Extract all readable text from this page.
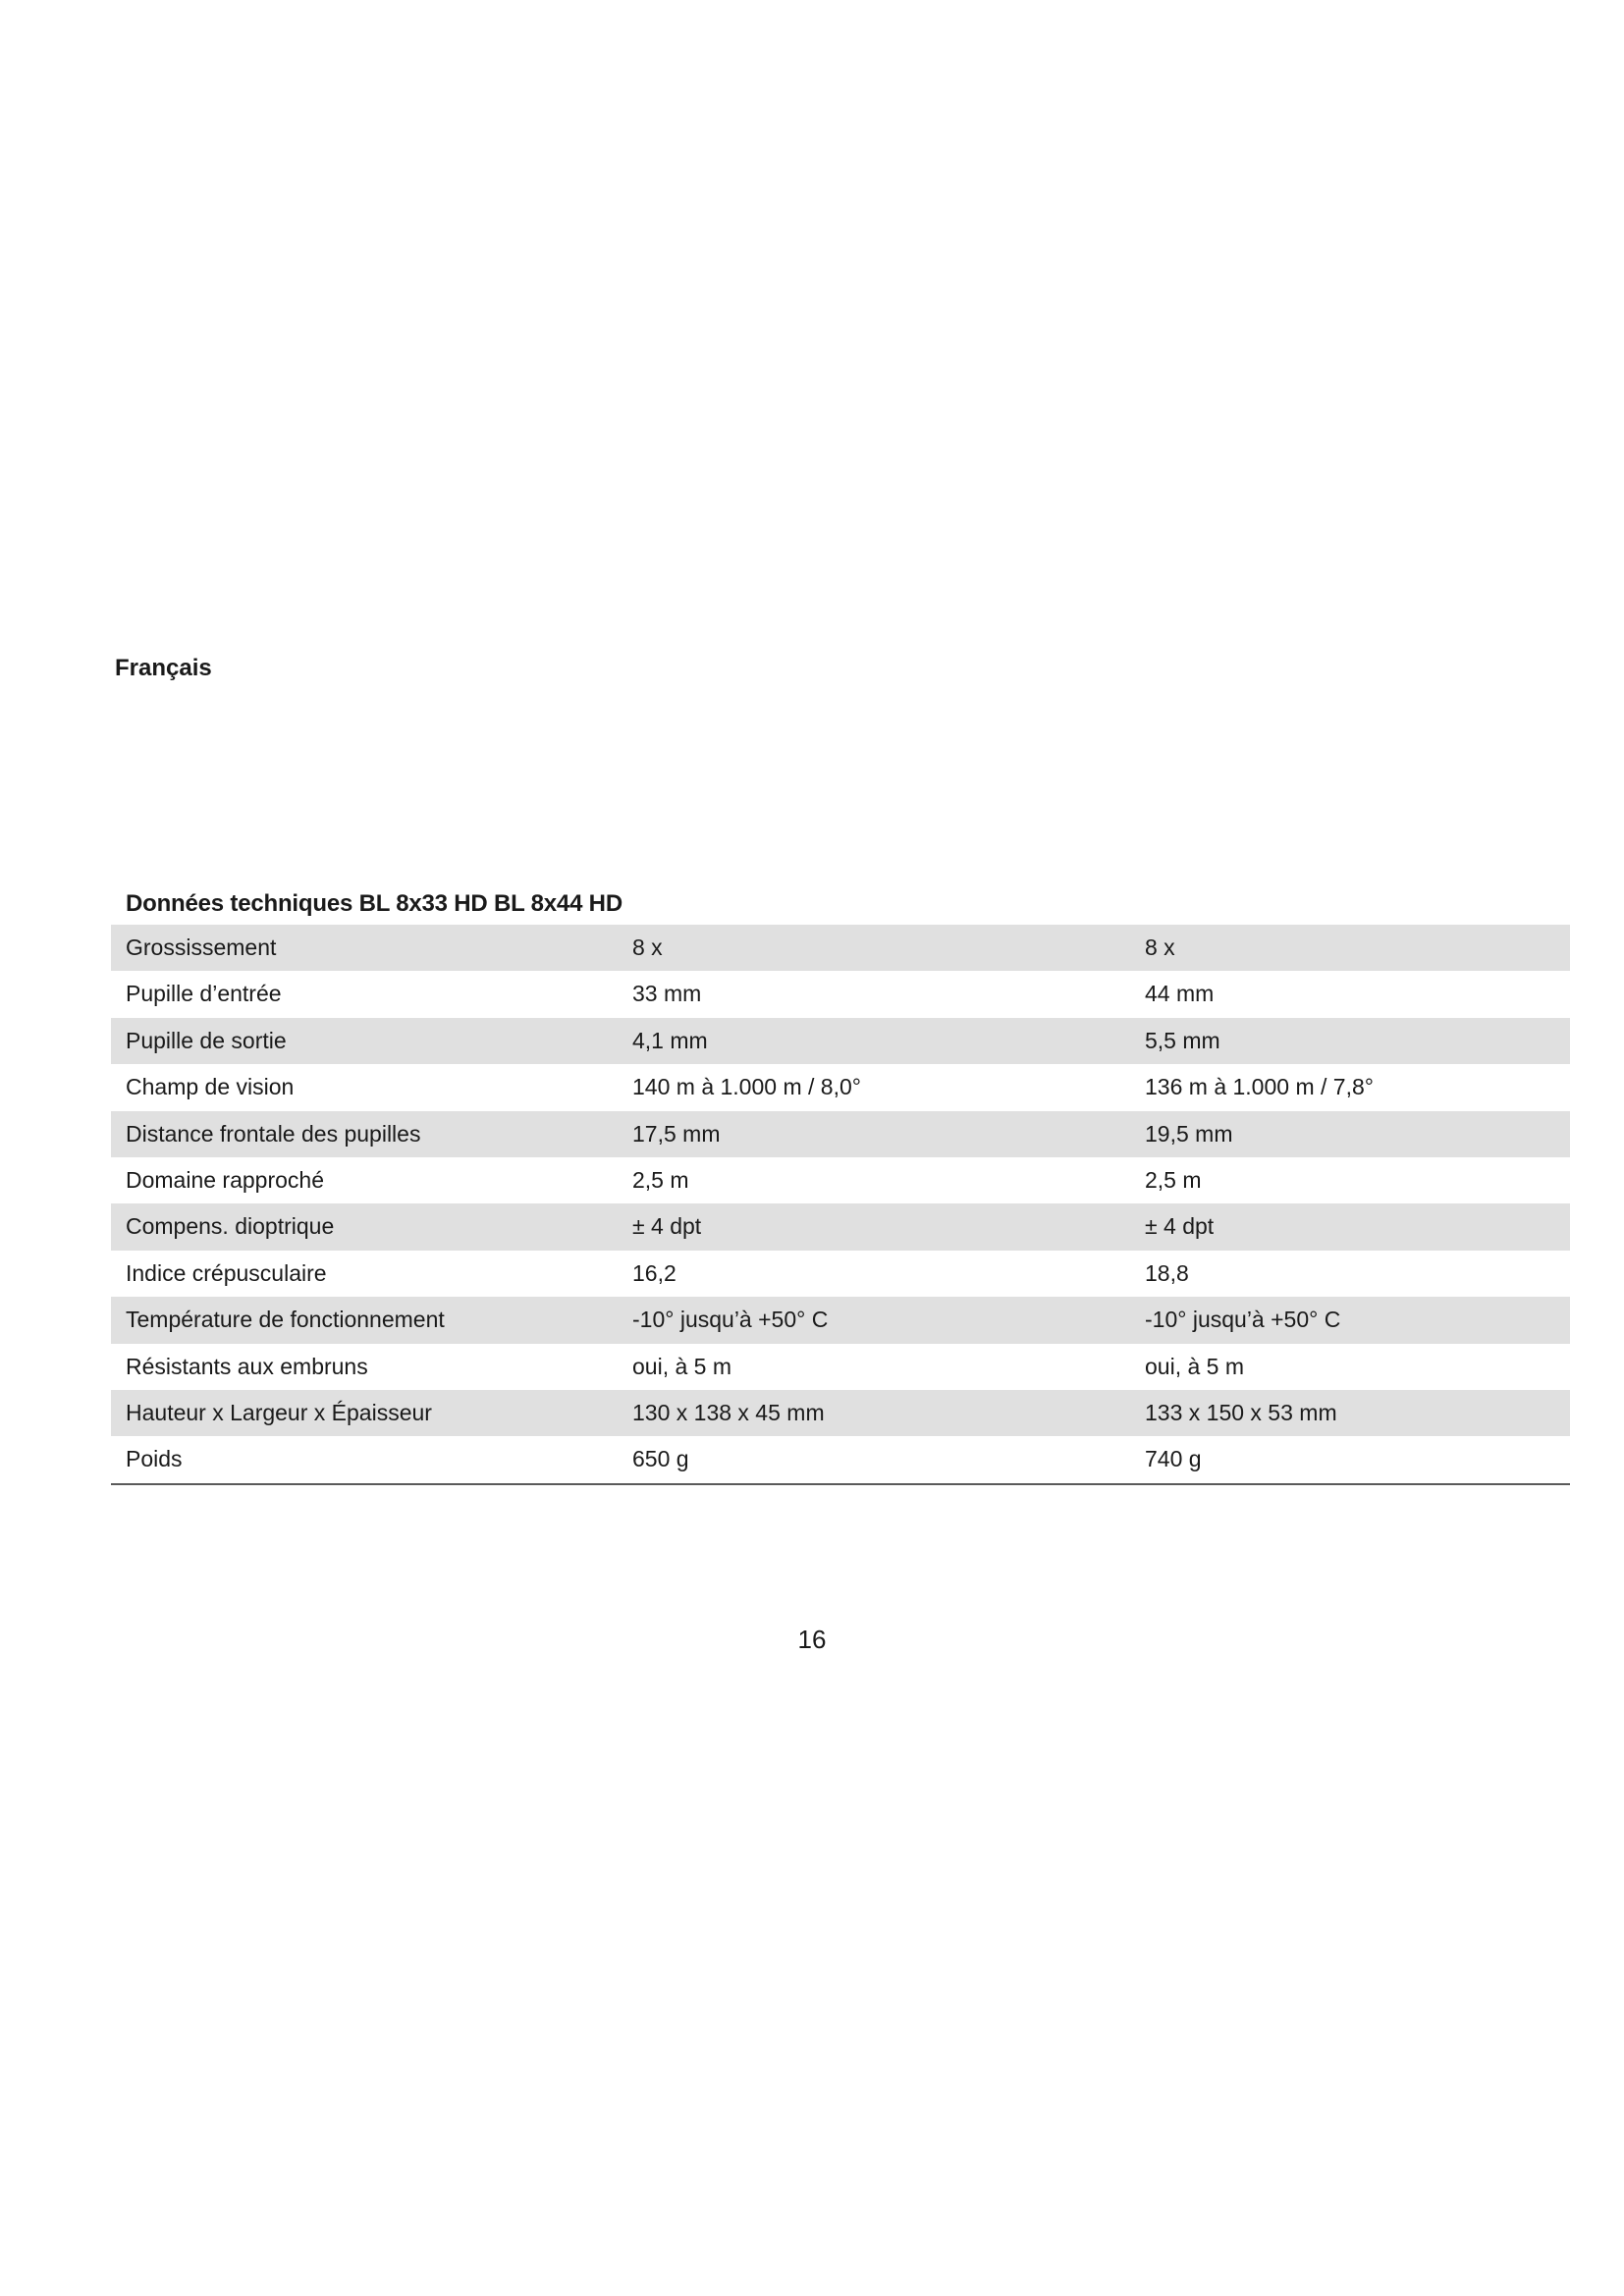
Français
Données techniques BL 8x33 HD BL 8x44 HD
Grossissement	8 x	8 x
Pupille d’entrée	33 mm	44 mm
Pupille de sortie	4,1 mm	5,5 mm
Champ de vision	140 m à 1.000 m / 8,0°	136 m à 1.000 m / 7,8°
Distance frontale des pupilles	17,5 mm	19,5 mm
Domaine rapproché	2,5 m	2,5 m
Compens. dioptrique	± 4 dpt	± 4 dpt
Indice crépusculaire	16,2	18,8
Température de fonctionnement	-10° jusqu’à +50° C	-10° jusqu’à +50° C
Résistants aux embruns	oui, à 5 m	oui, à 5 m
Hauteur x Largeur x Épaisseur	130 x 138 x 45 mm	133 x 150 x 53 mm
Poids	650 g	740 g
16
